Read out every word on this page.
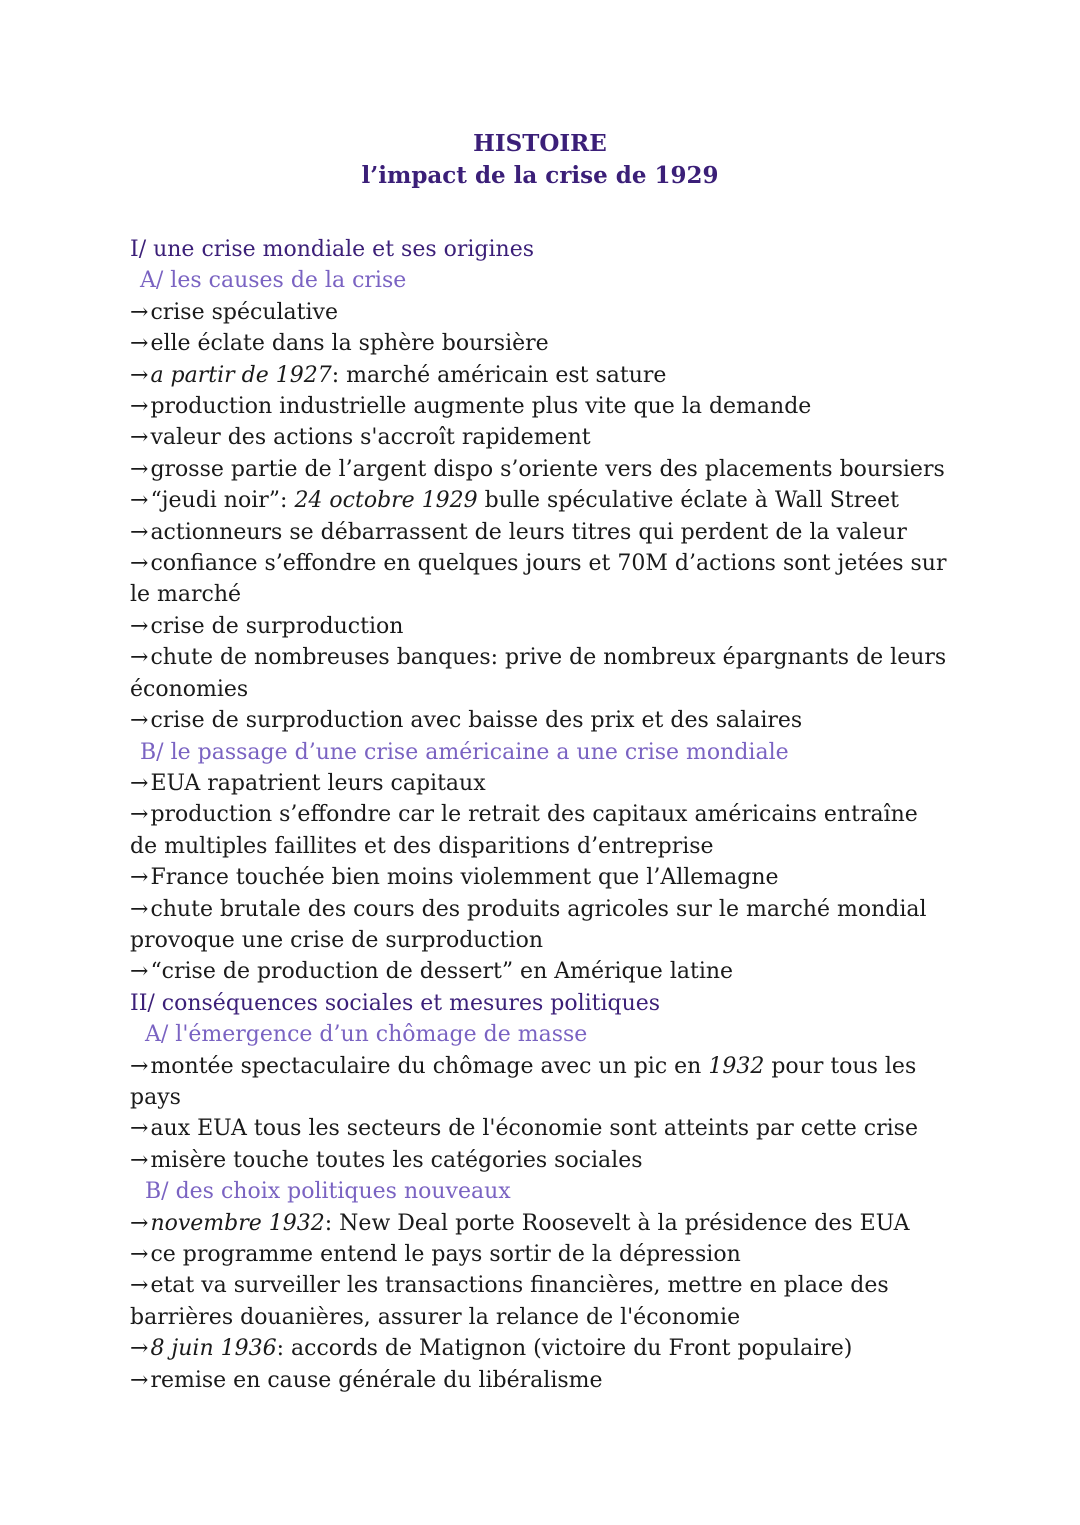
HISTOIRE
l’impact de la crise de 1929
I/ une crise mondiale et ses origines
A/ les causes de la crise
→crise spéculative
→elle éclate dans la sphère boursière
→a partir de 1927: marché américain est sature
→production industrielle augmente plus vite que la demande
→valeur des actions s'accroît rapidement
→grosse partie de l’argent dispo s’oriente vers des placements boursiers
→“jeudi noir”: 24 octobre 1929 bulle spéculative éclate à Wall Street
→actionneurs se débarrassent de leurs titres qui perdent de la valeur
→confiance s’effondre en quelques jours et 70M d’actions sont jetées sur le marché
→crise de surproduction
→chute de nombreuses banques: prive de nombreux épargnants de leurs économies
→crise de surproduction avec baisse des prix et des salaires
B/ le passage d’une crise américaine a une crise mondiale
→EUA rapatrient leurs capitaux
→production s’effondre car le retrait des capitaux américains entraîne de multiples faillites et des disparitions d’entreprise
→France touchée bien moins violemment que l’Allemagne
→chute brutale des cours des produits agricoles sur le marché mondial provoque une crise de surproduction
→“crise de production de dessert” en Amérique latine
II/ conséquences sociales et mesures politiques
A/ l'émergence d’un chômage de masse
→montée spectaculaire du chômage avec un pic en 1932 pour tous les pays
→aux EUA tous les secteurs de l'économie sont atteints par cette crise
→misère touche toutes les catégories sociales
B/ des choix politiques nouveaux
→novembre 1932: New Deal porte Roosevelt à la présidence des EUA
→ce programme entend le pays sortir de la dépression
→etat va surveiller les transactions financières, mettre en place des barrières douanières, assurer la relance de l'économie
→8 juin 1936: accords de Matignon (victoire du Front populaire)
→remise en cause générale du libéralisme
